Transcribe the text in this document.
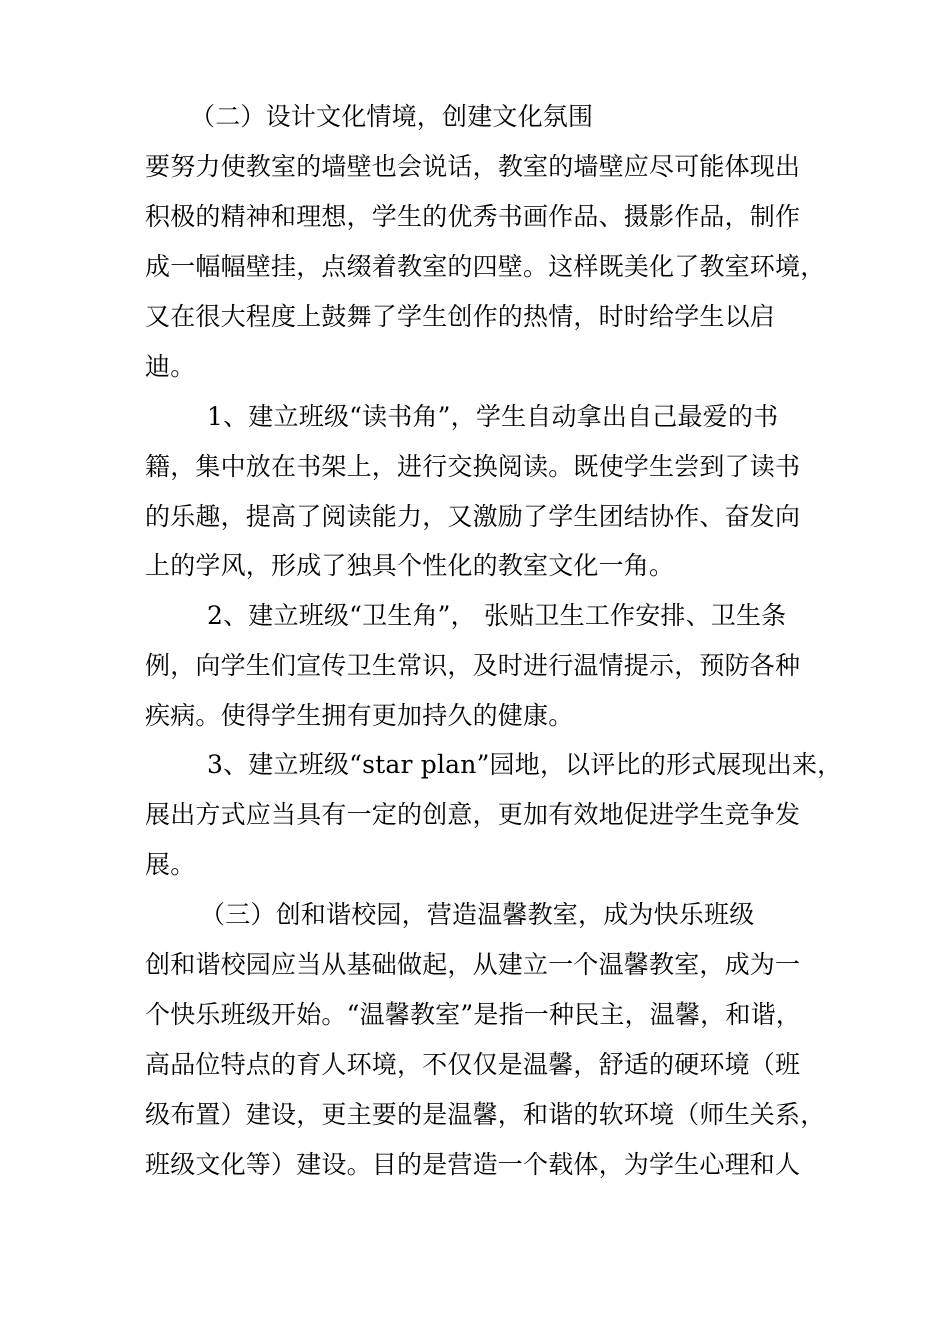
（二）设计文化情境，创建文化氛围
要努力使教室的墙壁也会说话，教室的墙壁应尽可能体现出
积极的精神和理想，学生的优秀书画作品、摄影作品，制作
成一幅幅壁挂，点缀着教室的四壁。这样既美化了教室环境，
又在很大程度上鼓舞了学生创作的热情，时时给学生以启
迪。
1、建立班级“读书角”，学生自动拿出自己最爱的书
籍，集中放在书架上，进行交换阅读。既使学生尝到了读书
的乐趣，提高了阅读能力，又激励了学生团结协作、奋发向
上的学风，形成了独具个性化的教室文化一角。
2、建立班级“卫生角”， 张贴卫生工作安排、卫生条
例，向学生们宣传卫生常识，及时进行温情提示，预防各种
疾病。使得学生拥有更加持久的健康。
3、建立班级“star plan”园地，以评比的形式展现出来，
展出方式应当具有一定的创意，更加有效地促进学生竞争发
展。
（三）创和谐校园，营造温馨教室，成为快乐班级
创和谐校园应当从基础做起，从建立一个温馨教室，成为一
个快乐班级开始。“温馨教室”是指一种民主，温馨，和谐，
高品位特点的育人环境，不仅仅是温馨，舒适的硬环境（班
级布置）建设，更主要的是温馨，和谐的软环境（师生关系，
班级文化等）建设。目的是营造一个载体，为学生心理和人
